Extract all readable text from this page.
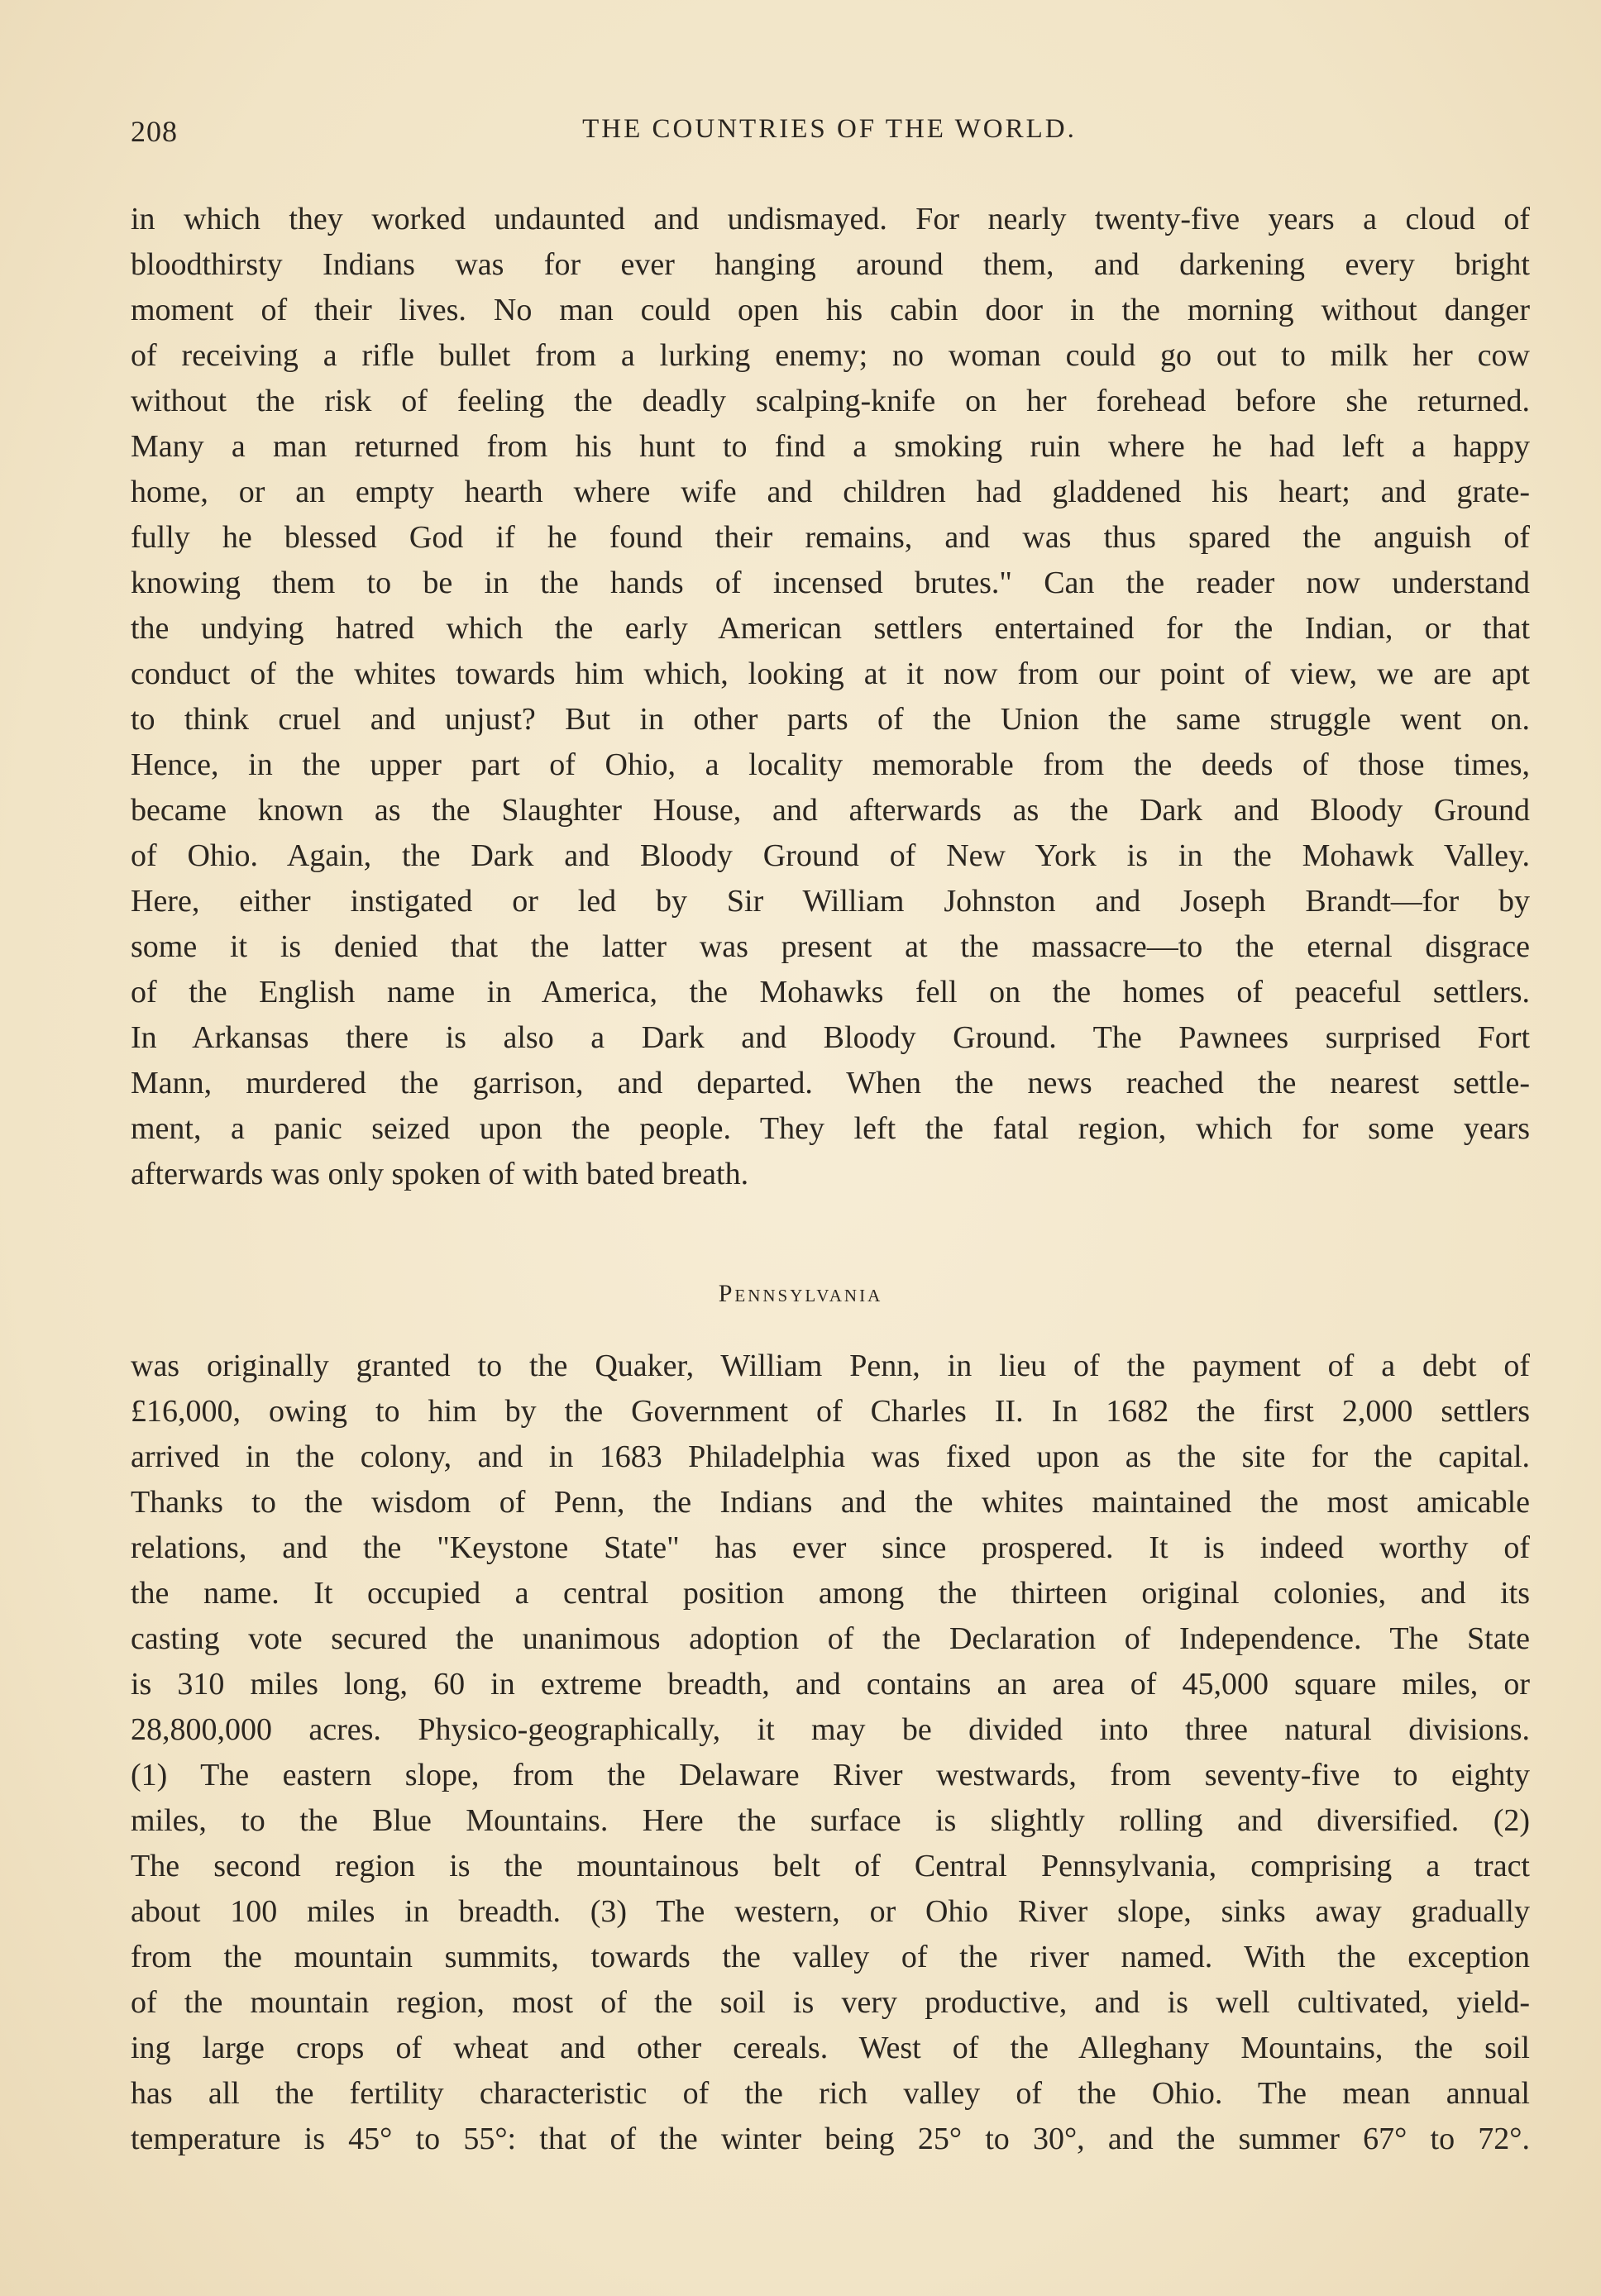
208	THE COUNTRIES OF THE WORLD.
in which they worked undaunted and undismayed. For nearly twenty-five years a cloud of
bloodthirsty Indians was for ever hanging around them, and darkening every bright
moment of their lives. No man could open his cabin door in the morning without danger
of receiving a rifle bullet from a lurking enemy; no woman could go out to milk her cow
without the risk of feeling the deadly scalping-knife on her forehead before she returned.
Many a man returned from his hunt to find a smoking ruin where he had left a happy
home, or an empty hearth where wife and children had gladdened his heart; and grate-
fully he blessed God if he found their remains, and was thus spared the anguish of
knowing them to be in the hands of incensed brutes." Can the reader now understand
the undying hatred which the early American settlers entertained for the Indian, or that
conduct of the whites towards him which, looking at it now from our point of view, we are apt
to think cruel and unjust? But in other parts of the Union the same struggle went on.
Hence, in the upper part of Ohio, a locality memorable from the deeds of those times,
became known as the Slaughter House, and afterwards as the Dark and Bloody Ground
of Ohio. Again, the Dark and Bloody Ground of New York is in the Mohawk Valley.
Here, either instigated or led by Sir William Johnston and Joseph Brandt—for by
some it is denied that the latter was present at the massacre—to the eternal disgrace
of the English name in America, the Mohawks fell on the homes of peaceful settlers.
In Arkansas there is also a Dark and Bloody Ground. The Pawnees surprised Fort
Mann, murdered the garrison, and departed. When the news reached the nearest settle-
ment, a panic seized upon the people. They left the fatal region, which for some years
afterwards was only spoken of with bated breath.
Pennsylvania
was originally granted to the Quaker, William Penn, in lieu of the payment of a debt of
£16,000, owing to him by the Government of Charles II. In 1682 the first 2,000 settlers
arrived in the colony, and in 1683 Philadelphia was fixed upon as the site for the capital.
Thanks to the wisdom of Penn, the Indians and the whites maintained the most amicable
relations, and the "Keystone State" has ever since prospered. It is indeed worthy of
the name. It occupied a central position among the thirteen original colonies, and its
casting vote secured the unanimous adoption of the Declaration of Independence. The State
is 310 miles long, 60 in extreme breadth, and contains an area of 45,000 square miles, or
28,800,000 acres. Physico-geographically, it may be divided into three natural divisions.
(1) The eastern slope, from the Delaware River westwards, from seventy-five to eighty
miles, to the Blue Mountains. Here the surface is slightly rolling and diversified. (2)
The second region is the mountainous belt of Central Pennsylvania, comprising a tract
about 100 miles in breadth. (3) The western, or Ohio River slope, sinks away gradually
from the mountain summits, towards the valley of the river named. With the exception
of the mountain region, most of the soil is very productive, and is well cultivated, yield-
ing large crops of wheat and other cereals. West of the Alleghany Mountains, the soil
has all the fertility characteristic of the rich valley of the Ohio. The mean annual
temperature is 45° to 55°: that of the winter being 25° to 30°, and the summer 67° to 72°.
